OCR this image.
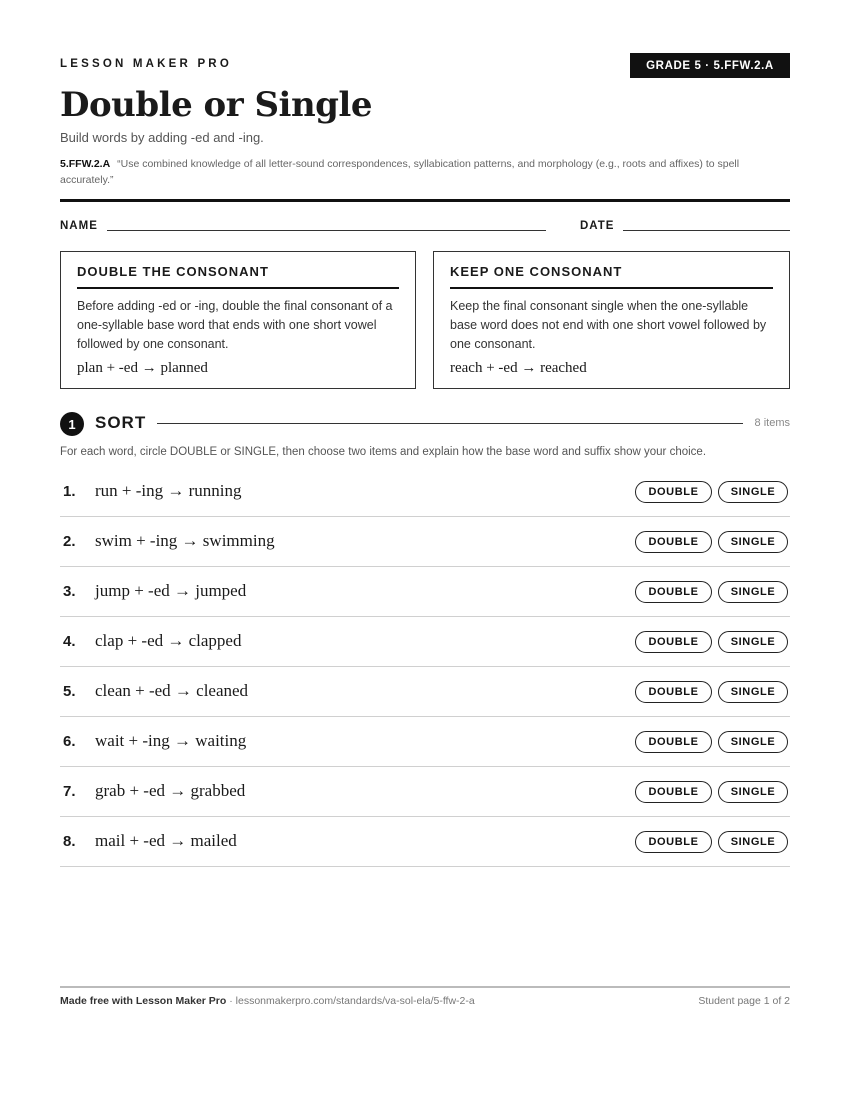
LESSON MAKER PRO	GRADE 5 · 5.FFW.2.A
Double or Single
Build words by adding -ed and -ing.
5.FFW.2.A “Use combined knowledge of all letter-sound correspondences, syllabication patterns, and morphology (e.g., roots and affixes) to spell accurately.”
NAME	DATE
DOUBLE THE CONSONANT
Before adding -ed or -ing, double the final consonant of a one-syllable base word that ends with one short vowel followed by one consonant.
plan + -ed → planned
KEEP ONE CONSONANT
Keep the final consonant single when the one-syllable base word does not end with one short vowel followed by one consonant.
reach + -ed → reached
1	SORT	8 items
For each word, circle DOUBLE or SINGLE, then choose two items and explain how the base word and suffix show your choice.
1. run + -ing → running	DOUBLE	SINGLE
2. swim + -ing → swimming	DOUBLE	SINGLE
3. jump + -ed → jumped	DOUBLE	SINGLE
4. clap + -ed → clapped	DOUBLE	SINGLE
5. clean + -ed → cleaned	DOUBLE	SINGLE
6. wait + -ing → waiting	DOUBLE	SINGLE
7. grab + -ed → grabbed	DOUBLE	SINGLE
8. mail + -ed → mailed	DOUBLE	SINGLE
Made free with Lesson Maker Pro · lessonmakerpro.com/standards/va-sol-ela/5-ffw-2-a	Student page 1 of 2
